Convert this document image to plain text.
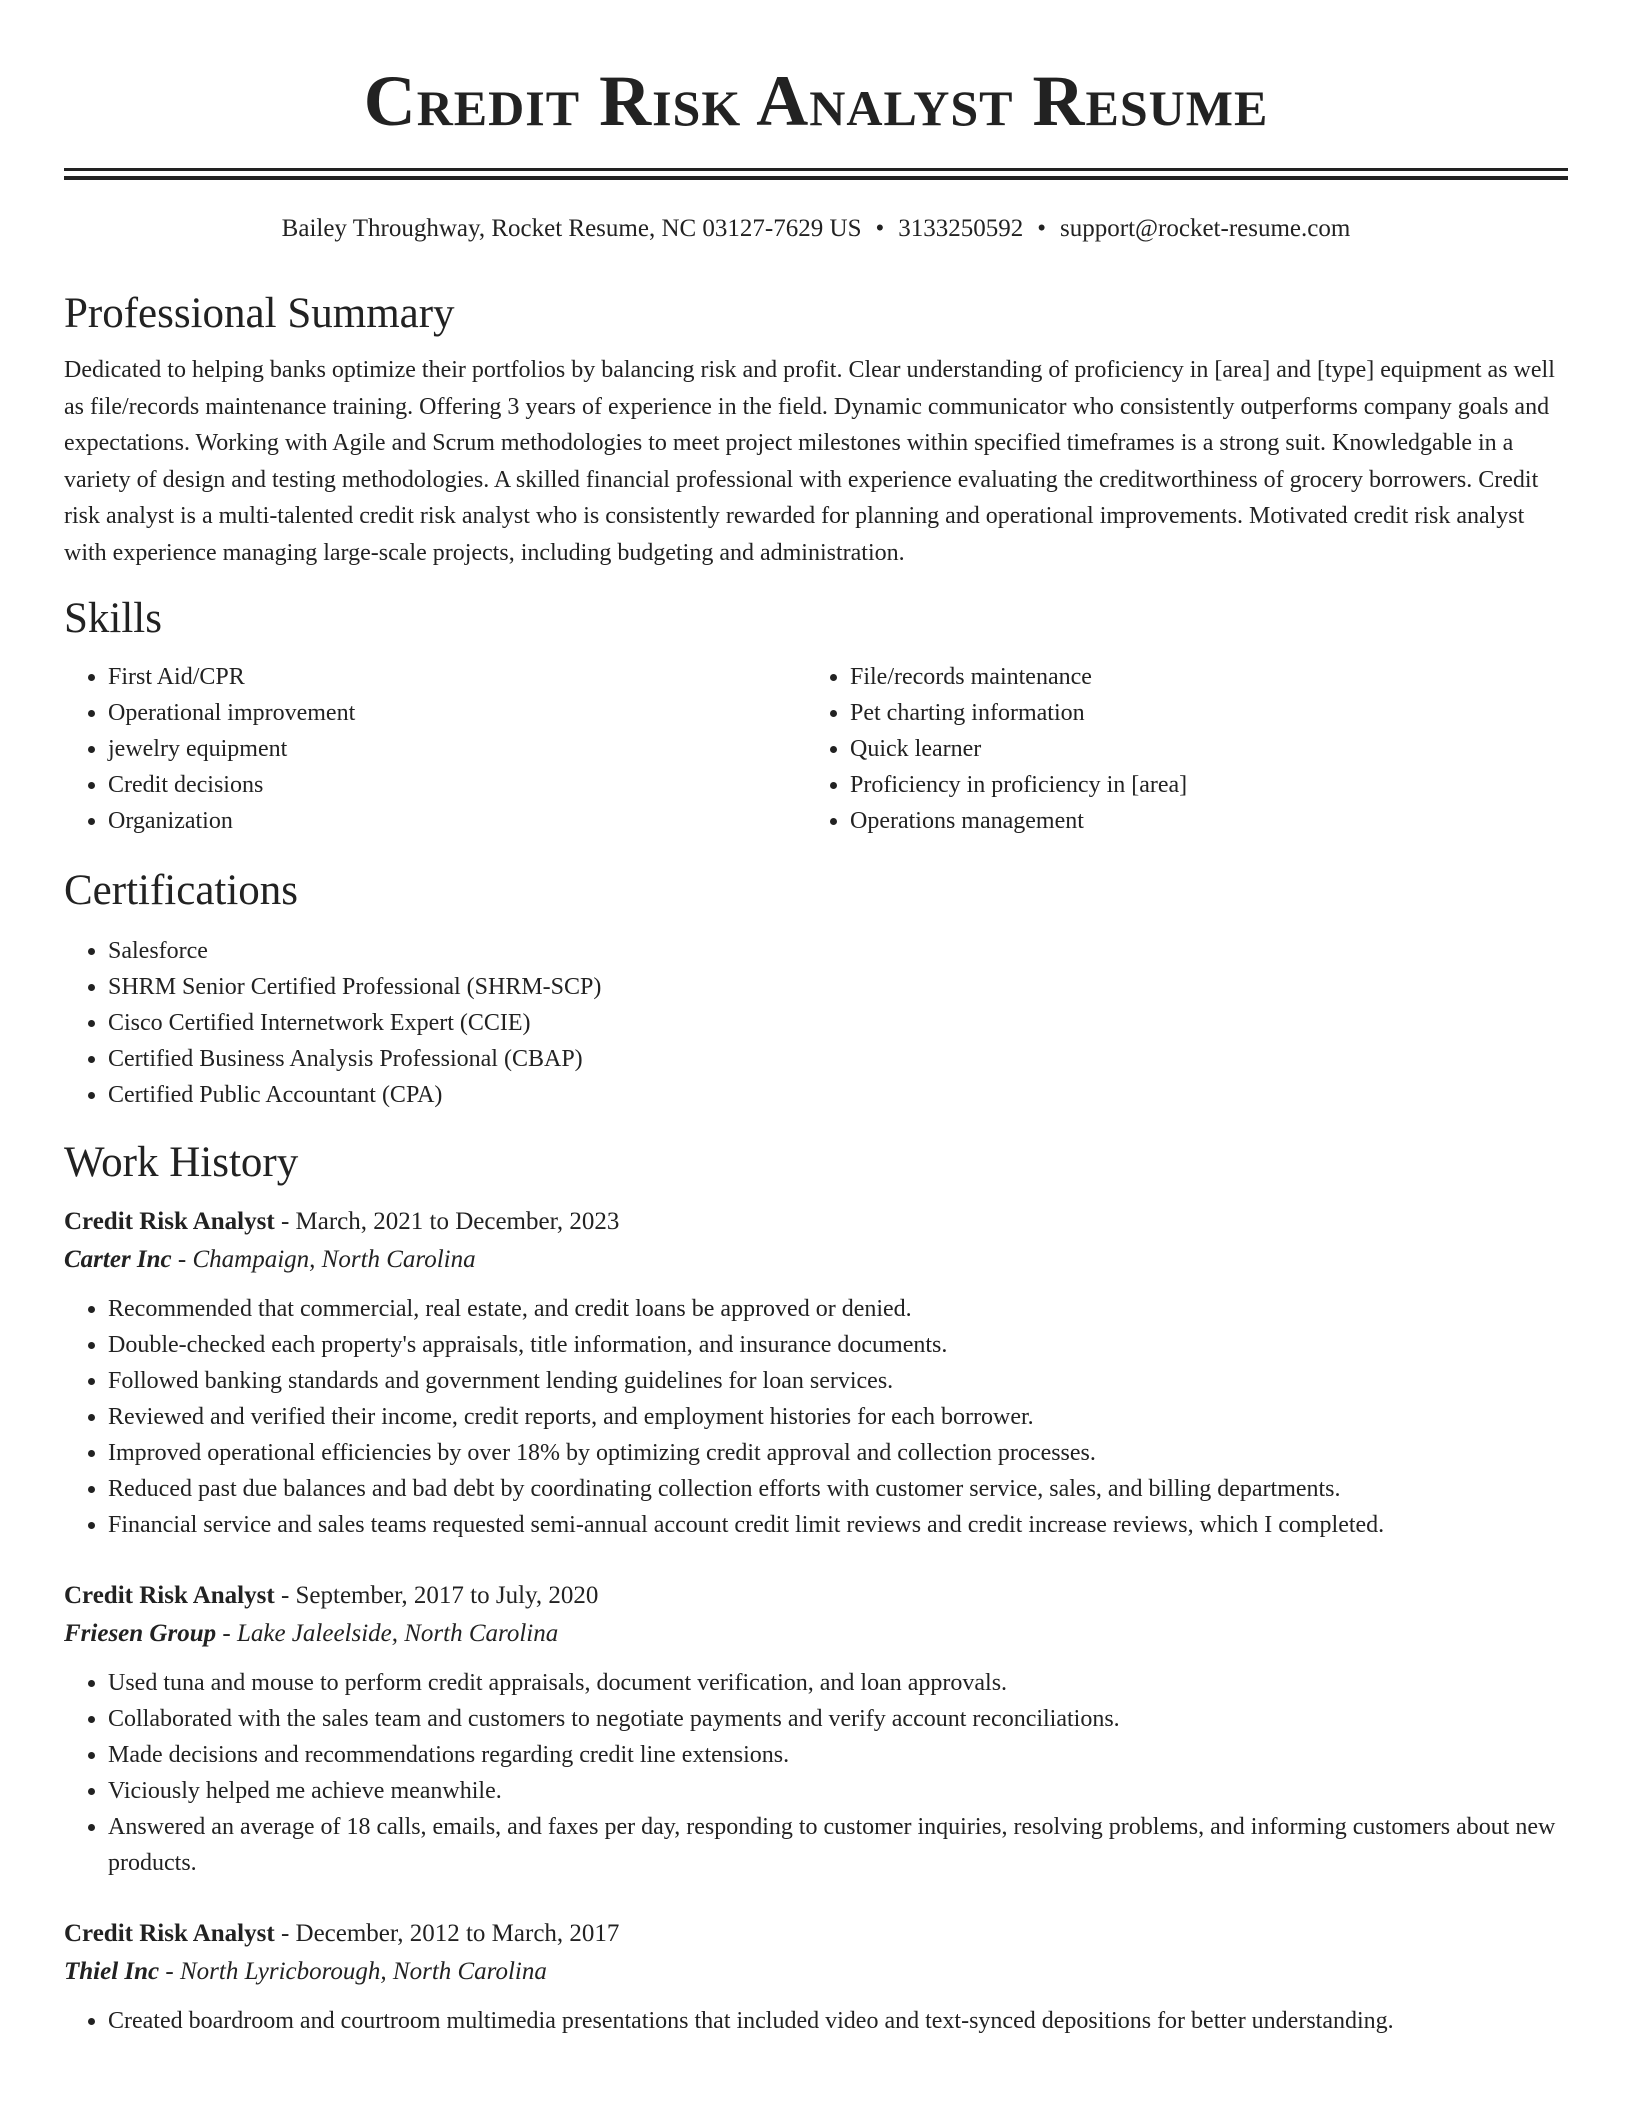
Credit Risk Analyst Resume
Bailey Throughway, Rocket Resume, NC 03127-7629 US • 3133250592 • support@rocket-resume.com
Professional Summary
Dedicated to helping banks optimize their portfolios by balancing risk and profit. Clear understanding of proficiency in [area] and [type] equipment as well as file/records maintenance training. Offering 3 years of experience in the field. Dynamic communicator who consistently outperforms company goals and expectations. Working with Agile and Scrum methodologies to meet project milestones within specified timeframes is a strong suit. Knowledgable in a variety of design and testing methodologies. A skilled financial professional with experience evaluating the creditworthiness of grocery borrowers. Credit risk analyst is a multi-talented credit risk analyst who is consistently rewarded for planning and operational improvements. Motivated credit risk analyst with experience managing large-scale projects, including budgeting and administration.
Skills
• First Aid/CPR
• Operational improvement
• jewelry equipment
• Credit decisions
• Organization
• File/records maintenance
• Pet charting information
• Quick learner
• Proficiency in proficiency in [area]
• Operations management
Certifications
• Salesforce
• SHRM Senior Certified Professional (SHRM-SCP)
• Cisco Certified Internetwork Expert (CCIE)
• Certified Business Analysis Professional (CBAP)
• Certified Public Accountant (CPA)
Work History
Credit Risk Analyst - March, 2021 to December, 2023
Carter Inc - Champaign, North Carolina
• Recommended that commercial, real estate, and credit loans be approved or denied.
• Double-checked each property's appraisals, title information, and insurance documents.
• Followed banking standards and government lending guidelines for loan services.
• Reviewed and verified their income, credit reports, and employment histories for each borrower.
• Improved operational efficiencies by over 18% by optimizing credit approval and collection processes.
• Reduced past due balances and bad debt by coordinating collection efforts with customer service, sales, and billing departments.
• Financial service and sales teams requested semi-annual account credit limit reviews and credit increase reviews, which I completed.
Credit Risk Analyst - September, 2017 to July, 2020
Friesen Group - Lake Jaleelside, North Carolina
• Used tuna and mouse to perform credit appraisals, document verification, and loan approvals.
• Collaborated with the sales team and customers to negotiate payments and verify account reconciliations.
• Made decisions and recommendations regarding credit line extensions.
• Viciously helped me achieve meanwhile.
• Answered an average of 18 calls, emails, and faxes per day, responding to customer inquiries, resolving problems, and informing customers about new products.
Credit Risk Analyst - December, 2012 to March, 2017
Thiel Inc - North Lyricborough, North Carolina
• Created boardroom and courtroom multimedia presentations that included video and text-synced depositions for better understanding.
